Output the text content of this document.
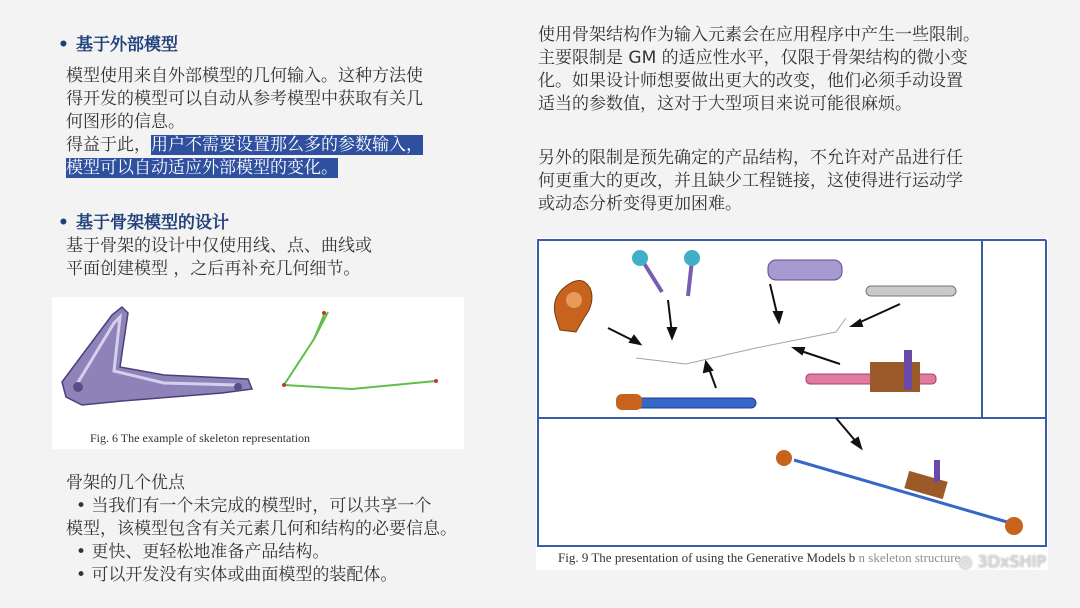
• 基于外部模型
模型使用来自外部模型的几何输入。这种方法使
得开发的模型可以自动从参考模型中获取有关几
何图形的信息。
得益于此，用户不需要设置那么多的参数输入，
模型可以自动适应外部模型的变化。
• 基于骨架模型的设计
基于骨架的设计中仅使用线、点、曲线或
平面创建模型 ，之后再补充几何细节。
Fig. 6 The example of skeleton representation
骨架的几个优点
• 当我们有一个未完成的模型时，可以共享一个
模型，该模型包含有关元素几何和结构的必要信息。
• 更快、更轻松地准备产品结构。
• 可以开发没有实体或曲面模型的装配体。
使用骨架结构作为输入元素会在应用程序中产生一些限制。
主要限制是 GM 的适应性水平，仅限于骨架结构的微小变
化。如果设计师想要做出更大的改变，他们必须手动设置
适当的参数值，这对于大型项目来说可能很麻烦。
另外的限制是预先确定的产品结构，不允许对产品进行任
何更重大的更改，并且缺少工程链接，这使得进行运动学
或动态分析变得更加困难。
Fig. 9 The presentation of using the Generative Models b n skeleton structure
◎ 3DxSHIP
